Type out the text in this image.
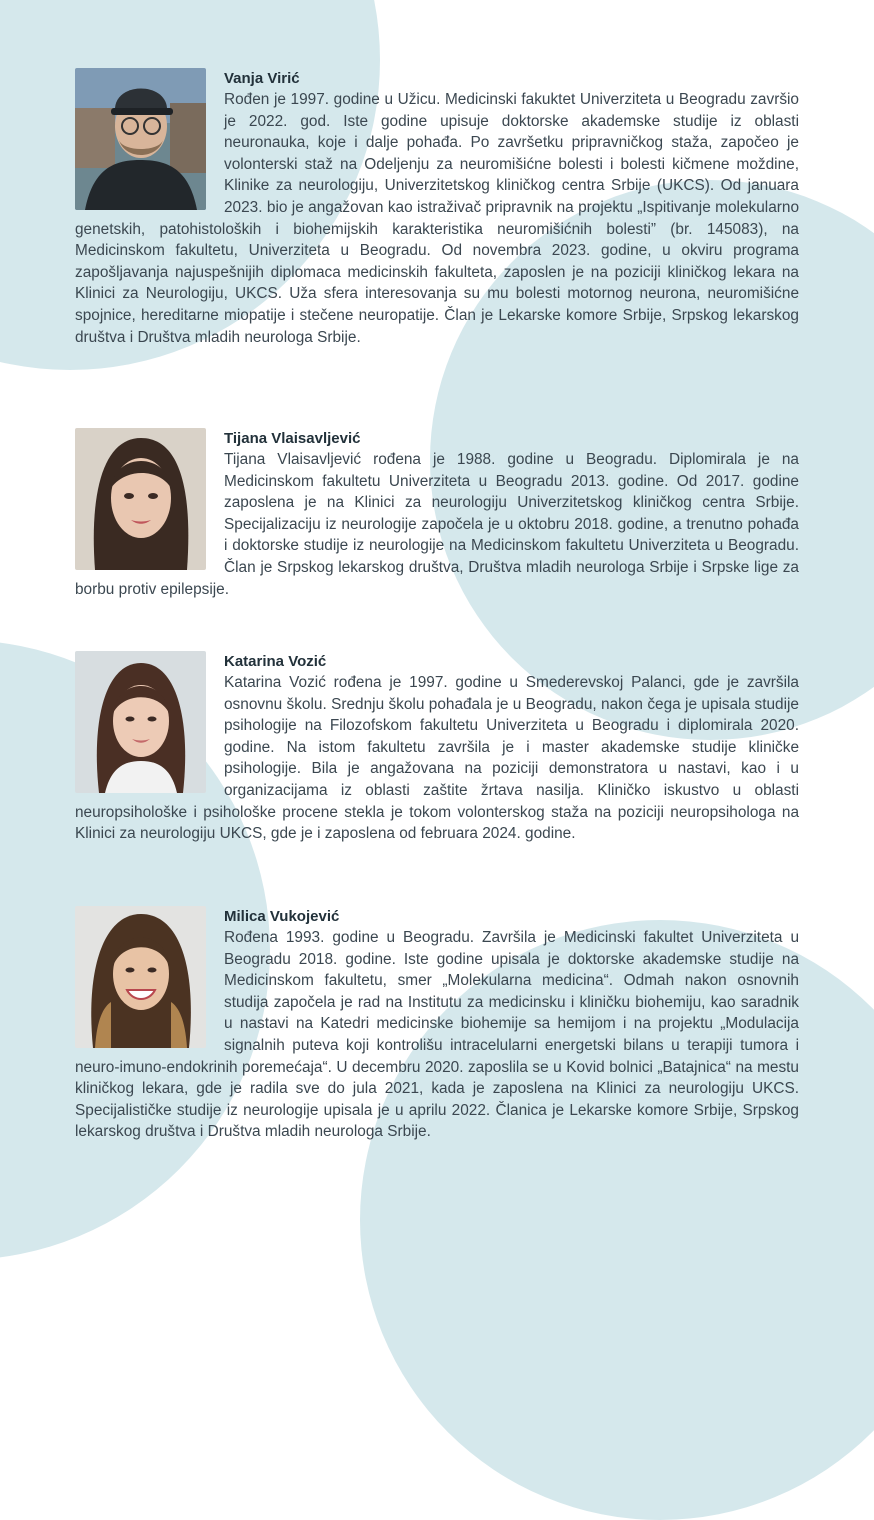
Vanja Virić

Rođen je 1997. godine u Užicu. Medicinski fakuktet Univerziteta u Beogradu završio je 2022. god. Iste godine upisuje doktorske akademske studije iz oblasti neuronauka, koje i dalje pohađa. Po završetku pripravničkog staža, započeo je volonterski staž na Odeljenju za neuromišićne bolesti i bolesti kičmene moždine, Klinike za neurologiju, Univerzitetskog kliničkog centra Srbije (UKCS). Od januara 2023. bio je angažovan kao istraživač pripravnik na projektu „Ispitivanje molekularno genetskih, patohistoloških i biohemijskih karakteristika neuromišićnih bolesti” (br. 145083), na Medicinskom fakultetu, Univerziteta u Beogradu. Od novembra 2023. godine, u okviru programa zapošljavanja najuspešnijih diplomaca medicinskih fakulteta, zaposlen je na poziciji kliničkog lekara na Klinici za Neurologiju, UKCS. Uža sfera interesovanja su mu bolesti motornog neurona, neuromišićne spojnice, hereditarne miopatije i stečene neuropatije. Član je Lekarske komore Srbije, Srpskog lekarskog društva i Društva mladih neurologa Srbije.

Tijana Vlaisavljević

Tijana Vlaisavljević rođena je 1988. godine u Beogradu. Diplomirala je na Medicinskom fakultetu Univerziteta u Beogradu 2013. godine. Od 2017. godine zaposlena je na Klinici za neurologiju Univerzitetskog kliničkog centra Srbije. Specijalizaciju iz neurologije započela je u oktobru 2018. godine, a trenutno pohađa i doktorske studije iz neurologije na Medicinskom fakultetu Univerziteta u Beogradu. Član je Srpskog lekarskog društva, Društva mladih neurologa Srbije i Srpske lige za borbu protiv epilepsije.

Katarina Vozić

Katarina Vozić rođena je 1997. godine u Smederevskoj Palanci, gde je završila osnovnu školu. Srednju školu pohađala je u Beogradu, nakon čega je upisala studije psihologije na Filozofskom fakultetu Univerziteta u Beogradu i diplomirala 2020. godine. Na istom fakultetu završila je i master akademske studije kliničke psihologije. Bila je angažovana na poziciji demonstratora u nastavi, kao i u organizacijama iz oblasti zaštite žrtava nasilja. Kliničko iskustvo u oblasti neuropsihološke i psihološke procene stekla je tokom volonterskog staža na poziciji neuropsihologa na Klinici za neurologiju UKCS, gde je i zaposlena od februara 2024. godine.

Milica Vukojević

Rođena 1993. godine u Beogradu. Završila je Medicinski fakultet Univerziteta u Beogradu 2018. godine. Iste godine upisala je doktorske akademske studije na Medicinskom fakultetu, smer „Molekularna medicina“. Odmah nakon osnovnih studija započela je rad na Institutu za medicinsku i kliničku biohemiju, kao saradnik u nastavi na Katedri medicinske biohemije sa hemijom i na projektu „Modulacija signalnih puteva koji kontrolišu intracelularni energetski bilans u terapiji tumora i neuro-imuno-endokrinih poremećaja“. U decembru 2020. zaposlila se u Kovid bolnici „Batajnica“ na mestu kliničkog lekara, gde je radila sve do jula 2021, kada je zaposlena na Klinici za neurologiju UKCS. Specijalističke studije iz neurologije upisala je u aprilu 2022. Članica je Lekarske komore Srbije, Srpskog lekarskog društva i Društva mladih neurologa Srbije.
